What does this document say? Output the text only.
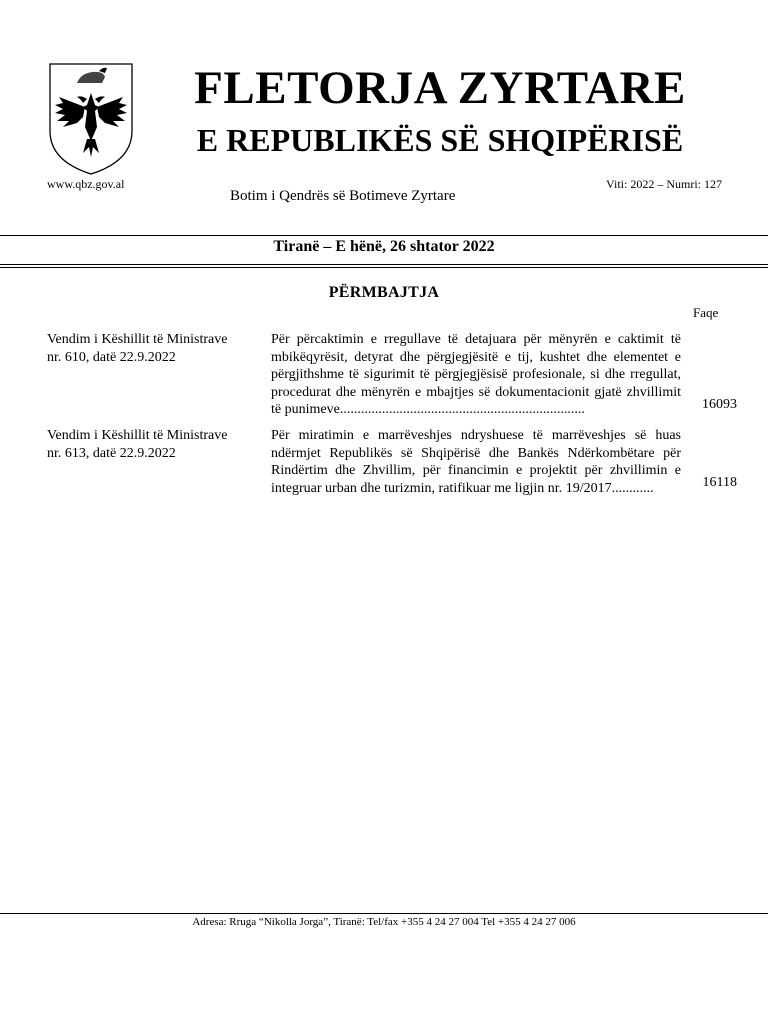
FLETORJA ZYRTARE
E REPUBLIKËS SË SHQIPËRISË
www.qbz.gov.al	Viti: 2022 – Numri: 127
Botim i Qendrës së Botimeve Zyrtare
Tiranë – E hënë, 26 shtator 2022
PËRMBAJTJA
Faqe
Vendim i Këshillit të Ministrave
nr. 610, datë 22.9.2022
Për përcaktimin e rregullave të detajuara për mënyrën e caktimit të mbikëqyrësit, detyrat dhe përgjegjësitë e tij, kushtet dhe elementet e përgjithshme të sigurimit të përgjegjësisë profesionale, si dhe rregullat, procedurat dhe mënyrën e mbajtjes së dokumentacionit gjatë zhvillimit të punimeve......................................................................	16093
Vendim i Këshillit të Ministrave
nr. 613, datë 22.9.2022
Për miratimin e marrëveshjes ndryshuese të marrëveshjes së huas ndërmjet Republikës së Shqipërisë dhe Bankës Ndërkombëtare për Rindërtim dhe Zhvillim, për financimin e projektit për zhvillimin e integruar urban dhe turizmin, ratifikuar me ligjin nr. 19/2017............	16118
Adresa: Rruga “Nikolla Jorga”, Tiranë: Tel/fax +355 4 24 27 004 Tel +355 4 24 27 006
